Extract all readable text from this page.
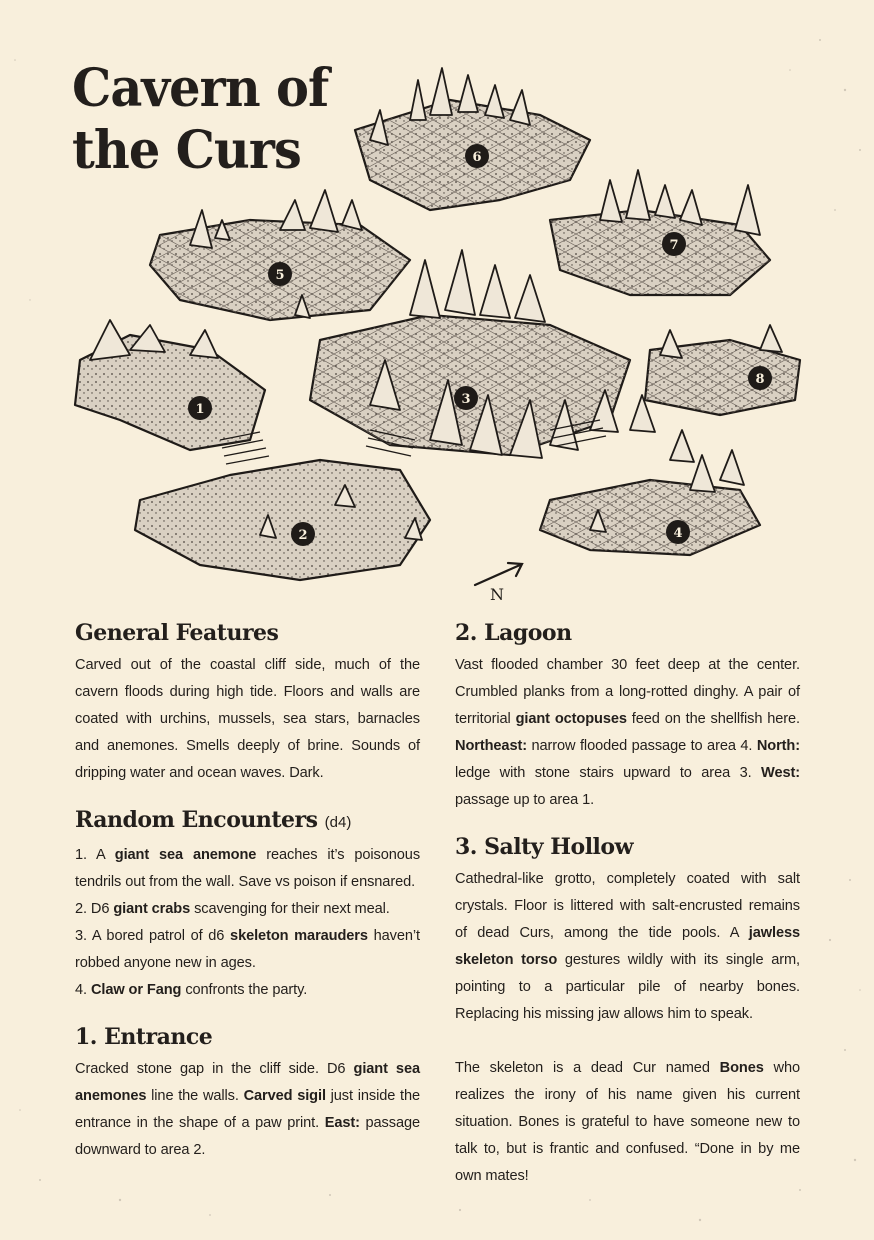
1
2
3
4
5
6
7
8
N
Cavern of the Curs
General Features

Carved out of the coastal cliff side, much of the cavern floods during high tide. Floors and walls are coated with urchins, mussels, sea stars, barnacles and anemones. Smells deeply of brine. Sounds of dripping water and ocean waves. Dark.

Random Encounters (d4)

1. A giant sea anemone reaches it’s poisonous tendrils out from the wall. Save vs poison if ensnared.
2. D6 giant crabs scavenging for their next meal.
3. A bored patrol of d6 skeleton marauders haven’t robbed anyone new in ages.
4. Claw or Fang confronts the party.

1. Entrance

Cracked stone gap in the cliff side. D6 giant sea anemones line the walls. Carved sigil just inside the entrance in the shape of a paw print. East: passage downward to area 2.

2. Lagoon

Vast flooded chamber 30 feet deep at the center. Crumbled planks from a long-rotted dinghy. A pair of territorial giant octopuses feed on the shellfish here. Northeast: narrow flooded passage to area 4. North: ledge with stone stairs upward to area 3. West: passage up to area 1.

3. Salty Hollow

Cathedral-like grotto, completely coated with salt crystals. Floor is littered with salt-encrusted remains of dead Curs, among the tide pools. A jawless skeleton torso gestures wildly with its single arm, pointing to a particular pile of nearby bones. Replacing his missing jaw allows him to speak.

The skeleton is a dead Cur named Bones who realizes the irony of his name given his current situation. Bones is grateful to have someone new to talk to, but is frantic and confused. “Done in by me own mates!
